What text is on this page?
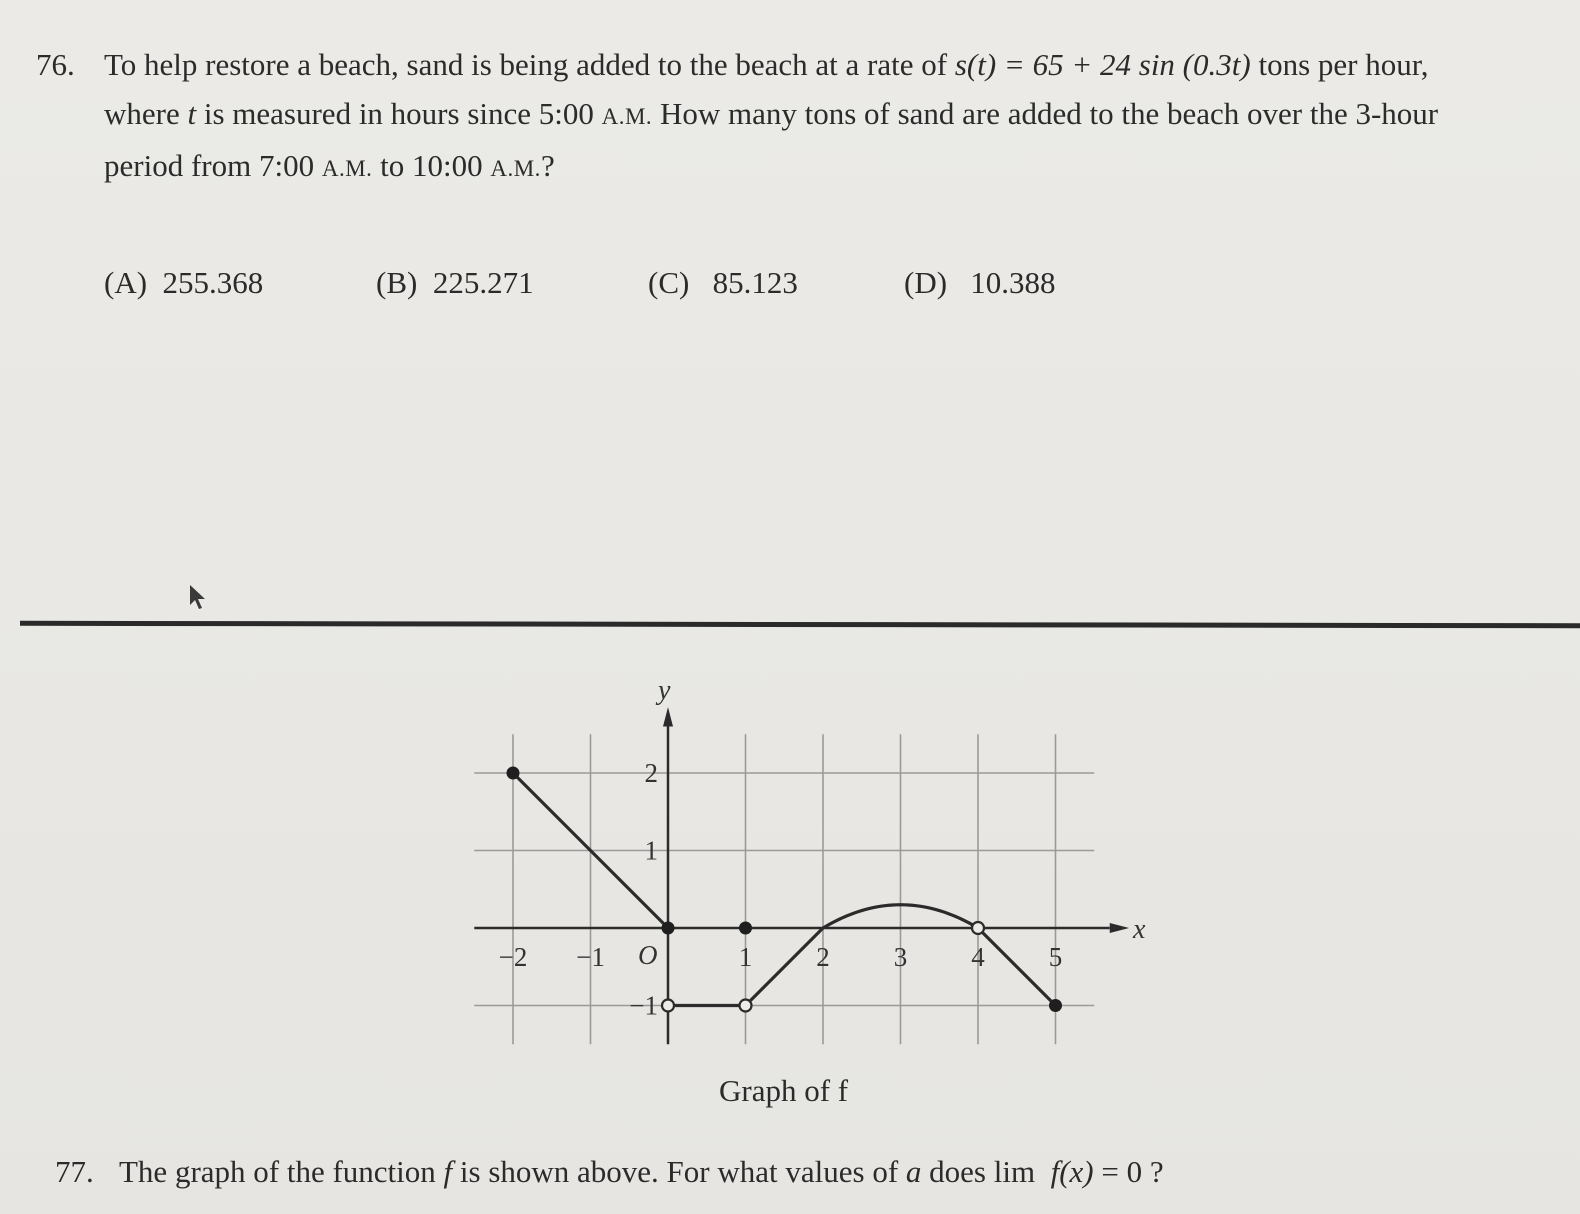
76. To help restore a beach, sand is being added to the beach at a rate of s(t) = 65 + 24 sin (0.3t) tons per hour,
where t is measured in hours since 5:00 A.M. How many tons of sand are added to the beach over the 3-hour
period from 7:00 A.M. to 10:00 A.M.?
(A) 255.368	(B) 225.271	(C) 85.123	(D) 10.388
−2 −1	1 2 3 4 5
2
1
−1
y
x
O
Graph of f
77. The graph of the function f is shown above. For what values of a does lim  f(x) = 0 ?
